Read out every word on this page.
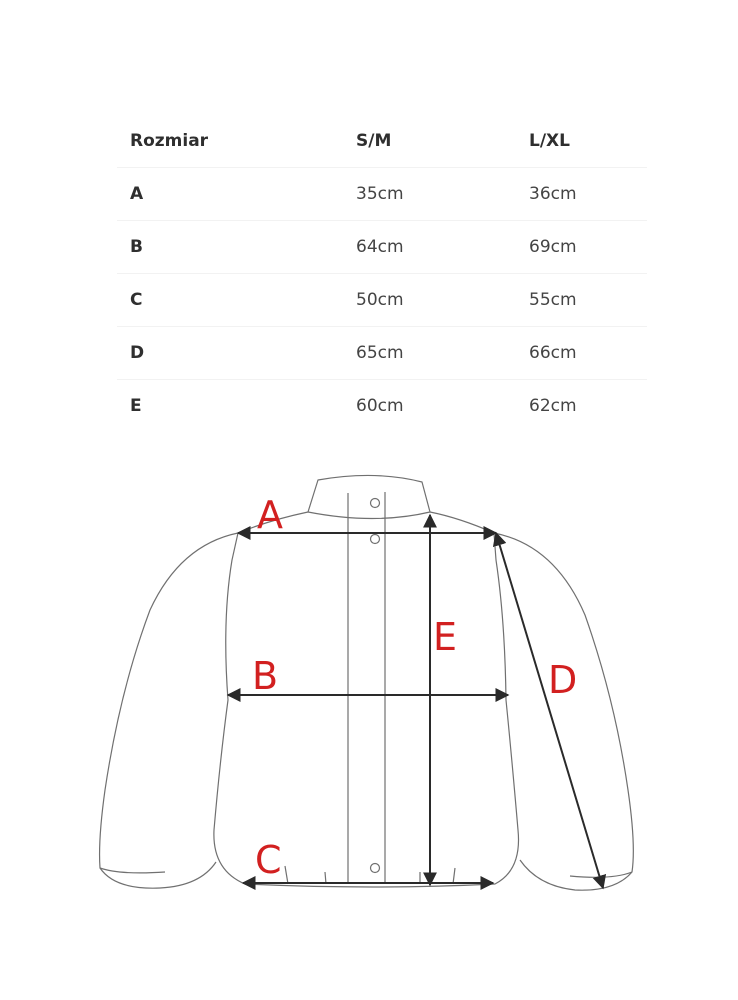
Rozmiar	S/M	L/XL
A	35cm	36cm
B	64cm	69cm
C	50cm	55cm
D	65cm	66cm
E	60cm	62cm
A
B
C
E
D
